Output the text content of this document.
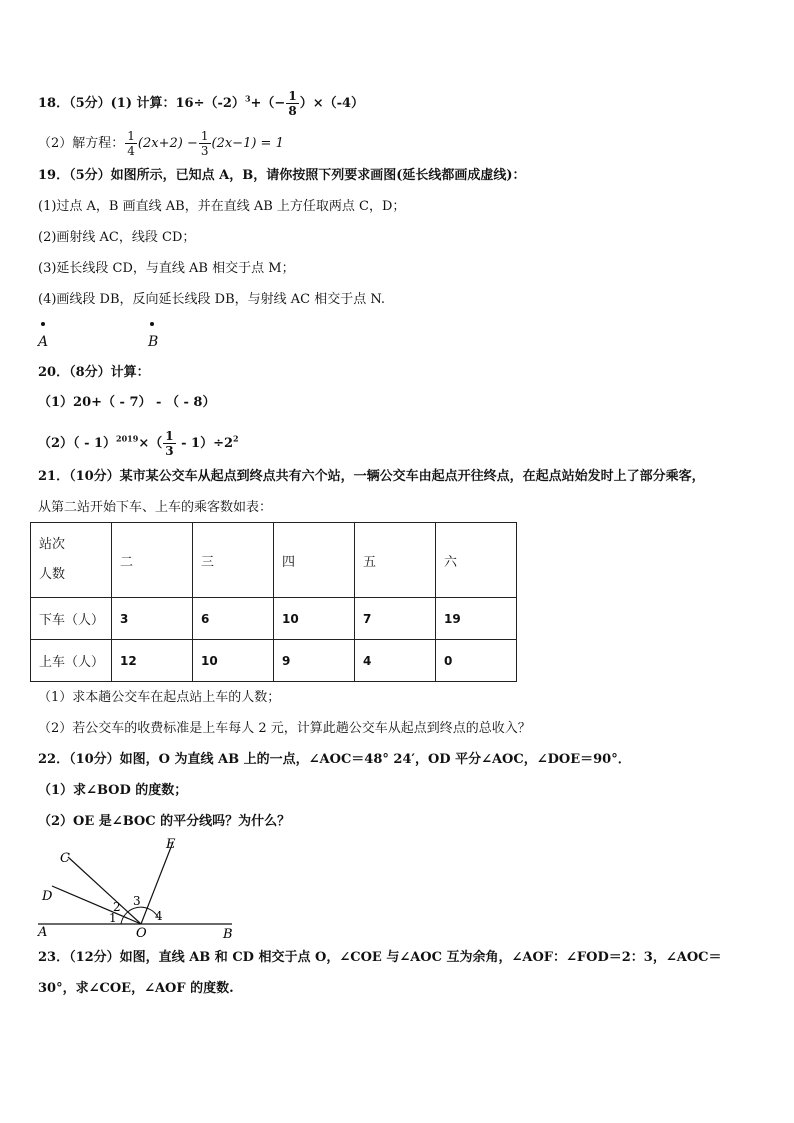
18．（5分）(1) 计算：$16\div(-2)^3+(- \frac{1}{8} )\times(-4)$
（2）解方程： $\frac{1}{4} (2x+2) - \frac{1}{3} (2x-1) = 1$
19．（5分）如图所示，已知点 A，B，请你按照下列要求画图(延长线都画成虚线)：
(1)过点 A，B 画直线 AB，并在直线 AB 上方任取两点 C，D；
(2)画射线 AC，线段 CD；
(3)延长线段 CD，与直线 AB 相交于点 M；
(4)画线段 DB，反向延长线段 DB，与射线 AC 相交于点 N.
A	B
20．（8分）计算：
（1）20+（ - 7） - （ - 8）
$(2)( - 1)^{2019}\times( \frac{1}{3} - 1)\div 2^2$
21．（10分）某市某公交车从起点到终点共有六个站，一辆公交车由起点开往终点，在起点站始发时上了部分乘客，
从第二站开始下车、上车的乘客数如表：
站次
人数	二	三	四	五	六
下车（人）	3	6	10	7	19
上车（人）	12	10	9	4	0
（1）求本趟公交车在起点站上车的人数；
（2）若公交车的收费标准是上车每人 2 元，计算此趟公交车从起点到终点的总收入？
22．（10分）如图，O 为直线 AB 上的一点，∠AOC＝48° 24′，OD 平分∠AOC，∠DOE＝90°．
（1）求∠BOD 的度数；
（2）OE 是∠BOC 的平分线吗？为什么？
C
D
E
A	B
O
1
2 3
4
23．（12分）如图，直线 AB 和 CD 相交于点 O，∠COE 与∠AOC 互为余角，∠AOF：∠FOD＝2：3，∠AOC＝
30°，求∠COE，∠AOF 的度数.
